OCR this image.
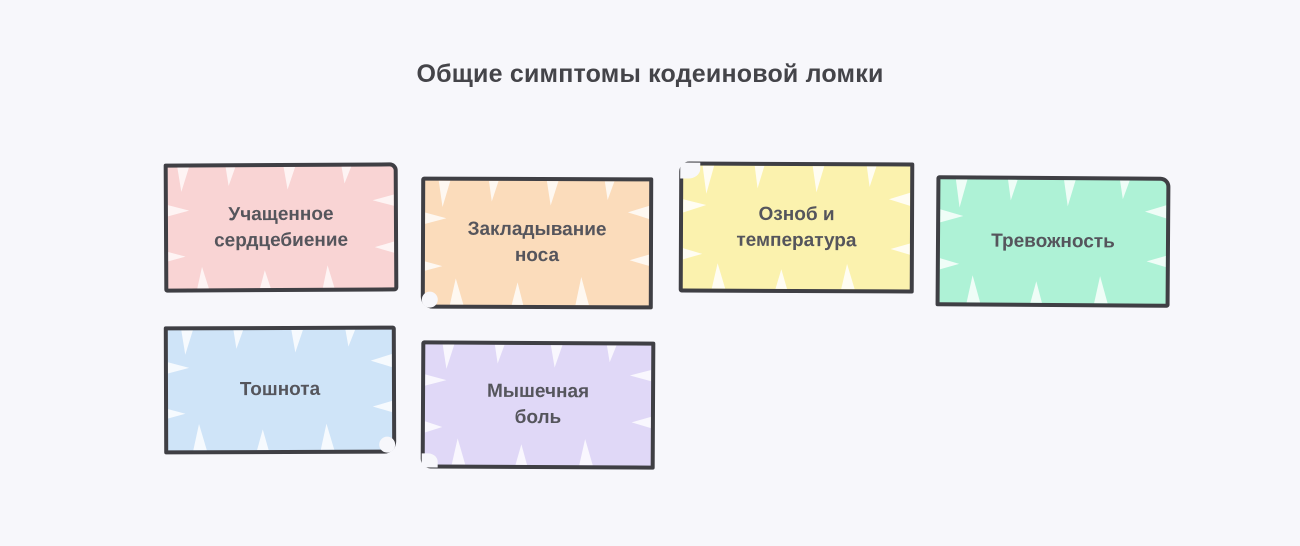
Общие симптомы кодеиновой ломки
Учащенное
сердцебиение	Закладывание
носа
Озноб и
температура	Тревожность
Тошнота	Мышечная
боль
